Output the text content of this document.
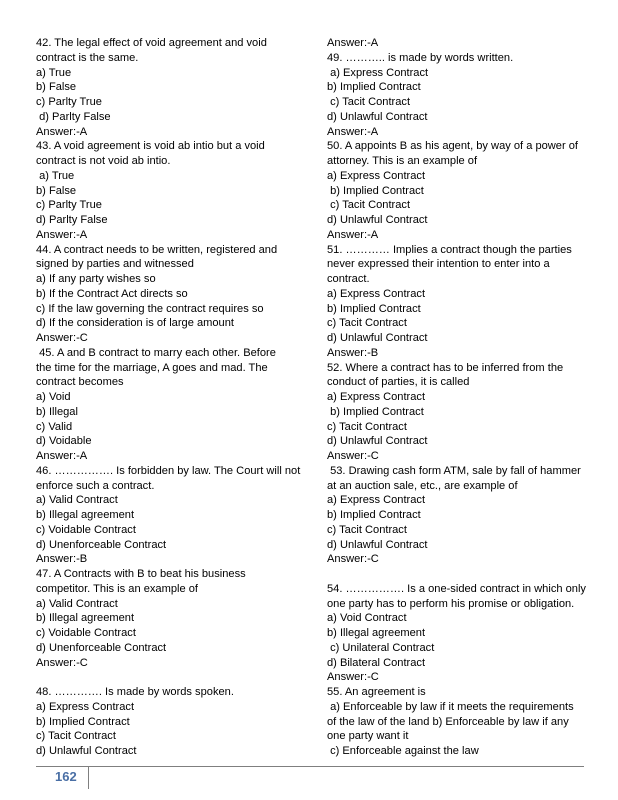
42. The legal effect of void agreement and void
contract is the same.
a) True
b) False
c) Parlty True
d) Parlty False
Answer:-A
43. A void agreement is void ab intio but a void
contract is not void ab intio.
a) True
b) False
c) Parlty True
d) Parlty False
Answer:-A
44. A contract needs to be written, registered and
signed by parties and witnessed
a) If any party wishes so
b) If the Contract Act directs so
c) If the law governing the contract requires so
d) If the consideration is of large amount
Answer:-C
45. A and B contract to marry each other. Before
the time for the marriage, A goes and mad. The
contract becomes
a) Void
b) Illegal
c) Valid
d) Voidable
Answer:-A
46. ……………. Is forbidden by law. The Court will not
enforce such a contract.
a) Valid Contract
b) Illegal agreement
c) Voidable Contract
d) Unenforceable Contract
Answer:-B
47. A Contracts with B to beat his business
competitor. This is an example of
a) Valid Contract
b) Illegal agreement
c) Voidable Contract
d) Unenforceable Contract
Answer:-C
48. …………. Is made by words spoken.
a) Express Contract
b) Implied Contract
c) Tacit Contract
d) Unlawful Contract
Answer:-A
49. ……….. is made by words written.
a) Express Contract
b) Implied Contract
c) Tacit Contract
d) Unlawful Contract
Answer:-A
50. A appoints B as his agent, by way of a power of
attorney. This is an example of
a) Express Contract
b) Implied Contract
c) Tacit Contract
d) Unlawful Contract
Answer:-A
51. ………… Implies a contract though the parties
never expressed their intention to enter into a
contract.
a) Express Contract
b) Implied Contract
c) Tacit Contract
d) Unlawful Contract
Answer:-B
52. Where a contract has to be inferred from the
conduct of parties, it is called
a) Express Contract
b) Implied Contract
c) Tacit Contract
d) Unlawful Contract
Answer:-C
53. Drawing cash form ATM, sale by fall of hammer
at an auction sale, etc., are example of
a) Express Contract
b) Implied Contract
c) Tacit Contract
d) Unlawful Contract
Answer:-C
54. ……………. Is a one-sided contract in which only
one party has to perform his promise or obligation.
a) Void Contract
b) Illegal agreement
c) Unilateral Contract
d) Bilateral Contract
Answer:-C
55. An agreement is
a) Enforceable by law if it meets the requirements
of the law of the land b) Enforceable by law if any
one party want it
c) Enforceable against the law
162
